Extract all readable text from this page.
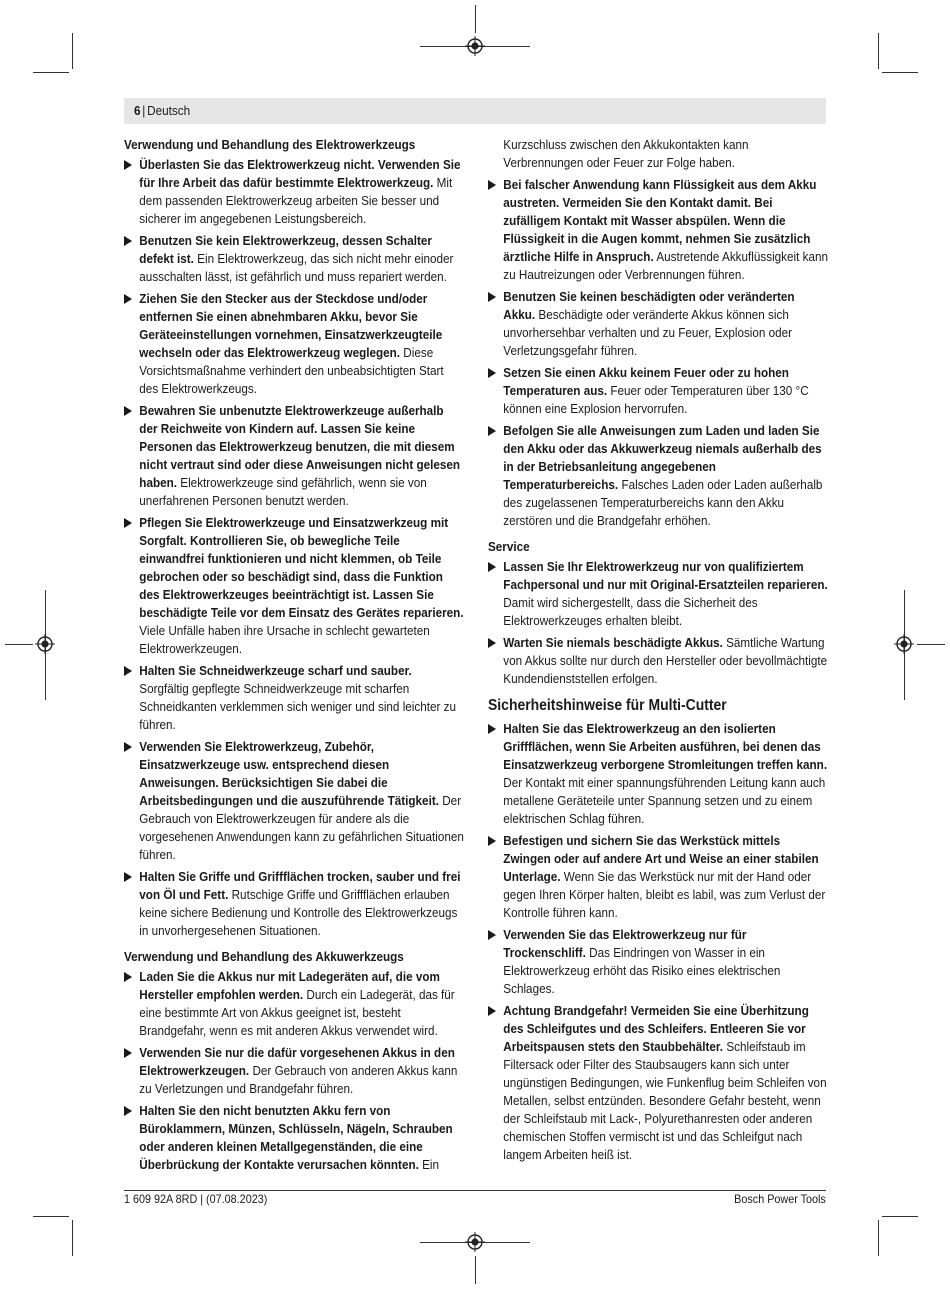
6 | Deutsch
Verwendung und Behandlung des Elektrowerkzeugs
Überlasten Sie das Elektrowerkzeug nicht. Verwenden Sie für Ihre Arbeit das dafür bestimmte Elektrowerkzeug. Mit dem passenden Elektrowerkzeug arbeiten Sie besser und sicherer im angegebenen Leistungsbereich.
Benutzen Sie kein Elektrowerkzeug, dessen Schalter defekt ist. Ein Elektrowerkzeug, das sich nicht mehr einoder ausschalten lässt, ist gefährlich und muss repariert werden.
Ziehen Sie den Stecker aus der Steckdose und/oder entfernen Sie einen abnehmbaren Akku, bevor Sie Geräteeinstellungen vornehmen, Einsatzwerkzeugteile wechseln oder das Elektrowerkzeug weglegen. Diese Vorsichtsmaßnahme verhindert den unbeabsichtigten Start des Elektrowerkzeugs.
Bewahren Sie unbenutzte Elektrowerkzeuge außerhalb der Reichweite von Kindern auf. Lassen Sie keine Personen das Elektrowerkzeug benutzen, die mit diesem nicht vertraut sind oder diese Anweisungen nicht gelesen haben. Elektrowerkzeuge sind gefährlich, wenn sie von unerfahrenen Personen benutzt werden.
Pflegen Sie Elektrowerkzeuge und Einsatzwerkzeug mit Sorgfalt. Kontrollieren Sie, ob bewegliche Teile einwandfrei funktionieren und nicht klemmen, ob Teile gebrochen oder so beschädigt sind, dass die Funktion des Elektrowerkzeuges beeinträchtigt ist. Lassen Sie beschädigte Teile vor dem Einsatz des Gerätes reparieren. Viele Unfälle haben ihre Ursache in schlecht gewarteten Elektrowerkzeugen.
Halten Sie Schneidwerkzeuge scharf und sauber. Sorgfältig gepflegte Schneidwerkzeuge mit scharfen Schneidkanten verklemmen sich weniger und sind leichter zu führen.
Verwenden Sie Elektrowerkzeug, Zubehör, Einsatzwerkzeuge usw. entsprechend diesen Anweisungen. Berücksichtigen Sie dabei die Arbeitsbedingungen und die auszuführende Tätigkeit. Der Gebrauch von Elektrowerkzeugen für andere als die vorgesehenen Anwendungen kann zu gefährlichen Situationen führen.
Halten Sie Griffe und Griffflächen trocken, sauber und frei von Öl und Fett. Rutschige Griffe und Griffflächen erlauben keine sichere Bedienung und Kontrolle des Elektrowerkzeugs in unvorhergesehenen Situationen.
Verwendung und Behandlung des Akkuwerkzeugs
Laden Sie die Akkus nur mit Ladegeräten auf, die vom Hersteller empfohlen werden. Durch ein Ladegerät, das für eine bestimmte Art von Akkus geeignet ist, besteht Brandgefahr, wenn es mit anderen Akkus verwendet wird.
Verwenden Sie nur die dafür vorgesehenen Akkus in den Elektrowerkzeugen. Der Gebrauch von anderen Akkus kann zu Verletzungen und Brandgefahr führen.
Halten Sie den nicht benutzten Akku fern von Büroklammern, Münzen, Schlüsseln, Nägeln, Schrauben oder anderen kleinen Metallgegenständen, die eine Überbrückung der Kontakte verursachen könnten. Ein
Kurzschluss zwischen den Akkukontakten kann Verbrennungen oder Feuer zur Folge haben.
Bei falscher Anwendung kann Flüssigkeit aus dem Akku austreten. Vermeiden Sie den Kontakt damit. Bei zufälligem Kontakt mit Wasser abspülen. Wenn die Flüssigkeit in die Augen kommt, nehmen Sie zusätzlich ärztliche Hilfe in Anspruch. Austretende Akkuflüssigkeit kann zu Hautreizungen oder Verbrennungen führen.
Benutzen Sie keinen beschädigten oder veränderten Akku. Beschädigte oder veränderte Akkus können sich unvorhersehbar verhalten und zu Feuer, Explosion oder Verletzungsgefahr führen.
Setzen Sie einen Akku keinem Feuer oder zu hohen Temperaturen aus. Feuer oder Temperaturen über 130 °C können eine Explosion hervorrufen.
Befolgen Sie alle Anweisungen zum Laden und laden Sie den Akku oder das Akkuwerkzeug niemals außerhalb des in der Betriebsanleitung angegebenen Temperaturbereichs. Falsches Laden oder Laden außerhalb des zugelassenen Temperaturbereichs kann den Akku zerstören und die Brandgefahr erhöhen.
Service
Lassen Sie Ihr Elektrowerkzeug nur von qualifiziertem Fachpersonal und nur mit Original-Ersatzteilen reparieren. Damit wird sichergestellt, dass die Sicherheit des Elektrowerkzeuges erhalten bleibt.
Warten Sie niemals beschädigte Akkus. Sämtliche Wartung von Akkus sollte nur durch den Hersteller oder bevollmächtigte Kundendienststellen erfolgen.
Sicherheitshinweise für Multi-Cutter
Halten Sie das Elektrowerkzeug an den isolierten Griffflächen, wenn Sie Arbeiten ausführen, bei denen das Einsatzwerkzeug verborgene Stromleitungen treffen kann. Der Kontakt mit einer spannungsführenden Leitung kann auch metallene Geräteteile unter Spannung setzen und zu einem elektrischen Schlag führen.
Befestigen und sichern Sie das Werkstück mittels Zwingen oder auf andere Art und Weise an einer stabilen Unterlage. Wenn Sie das Werkstück nur mit der Hand oder gegen Ihren Körper halten, bleibt es labil, was zum Verlust der Kontrolle führen kann.
Verwenden Sie das Elektrowerkzeug nur für Trockenschliff. Das Eindringen von Wasser in ein Elektrowerkzeug erhöht das Risiko eines elektrischen Schlages.
Achtung Brandgefahr! Vermeiden Sie eine Überhitzung des Schleifgutes und des Schleifers. Entleeren Sie vor Arbeitspausen stets den Staubbehälter. Schleifstaub im Filtersack oder Filter des Staubsaugers kann sich unter ungünstigen Bedingungen, wie Funkenflug beim Schleifen von Metallen, selbst entzünden. Besondere Gefahr besteht, wenn der Schleifstaub mit Lack-, Polyurethanresten oder anderen chemischen Stoffen vermischt ist und das Schleifgut nach langem Arbeiten heiß ist.
1 609 92A 8RD | (07.08.2023)	Bosch Power Tools
